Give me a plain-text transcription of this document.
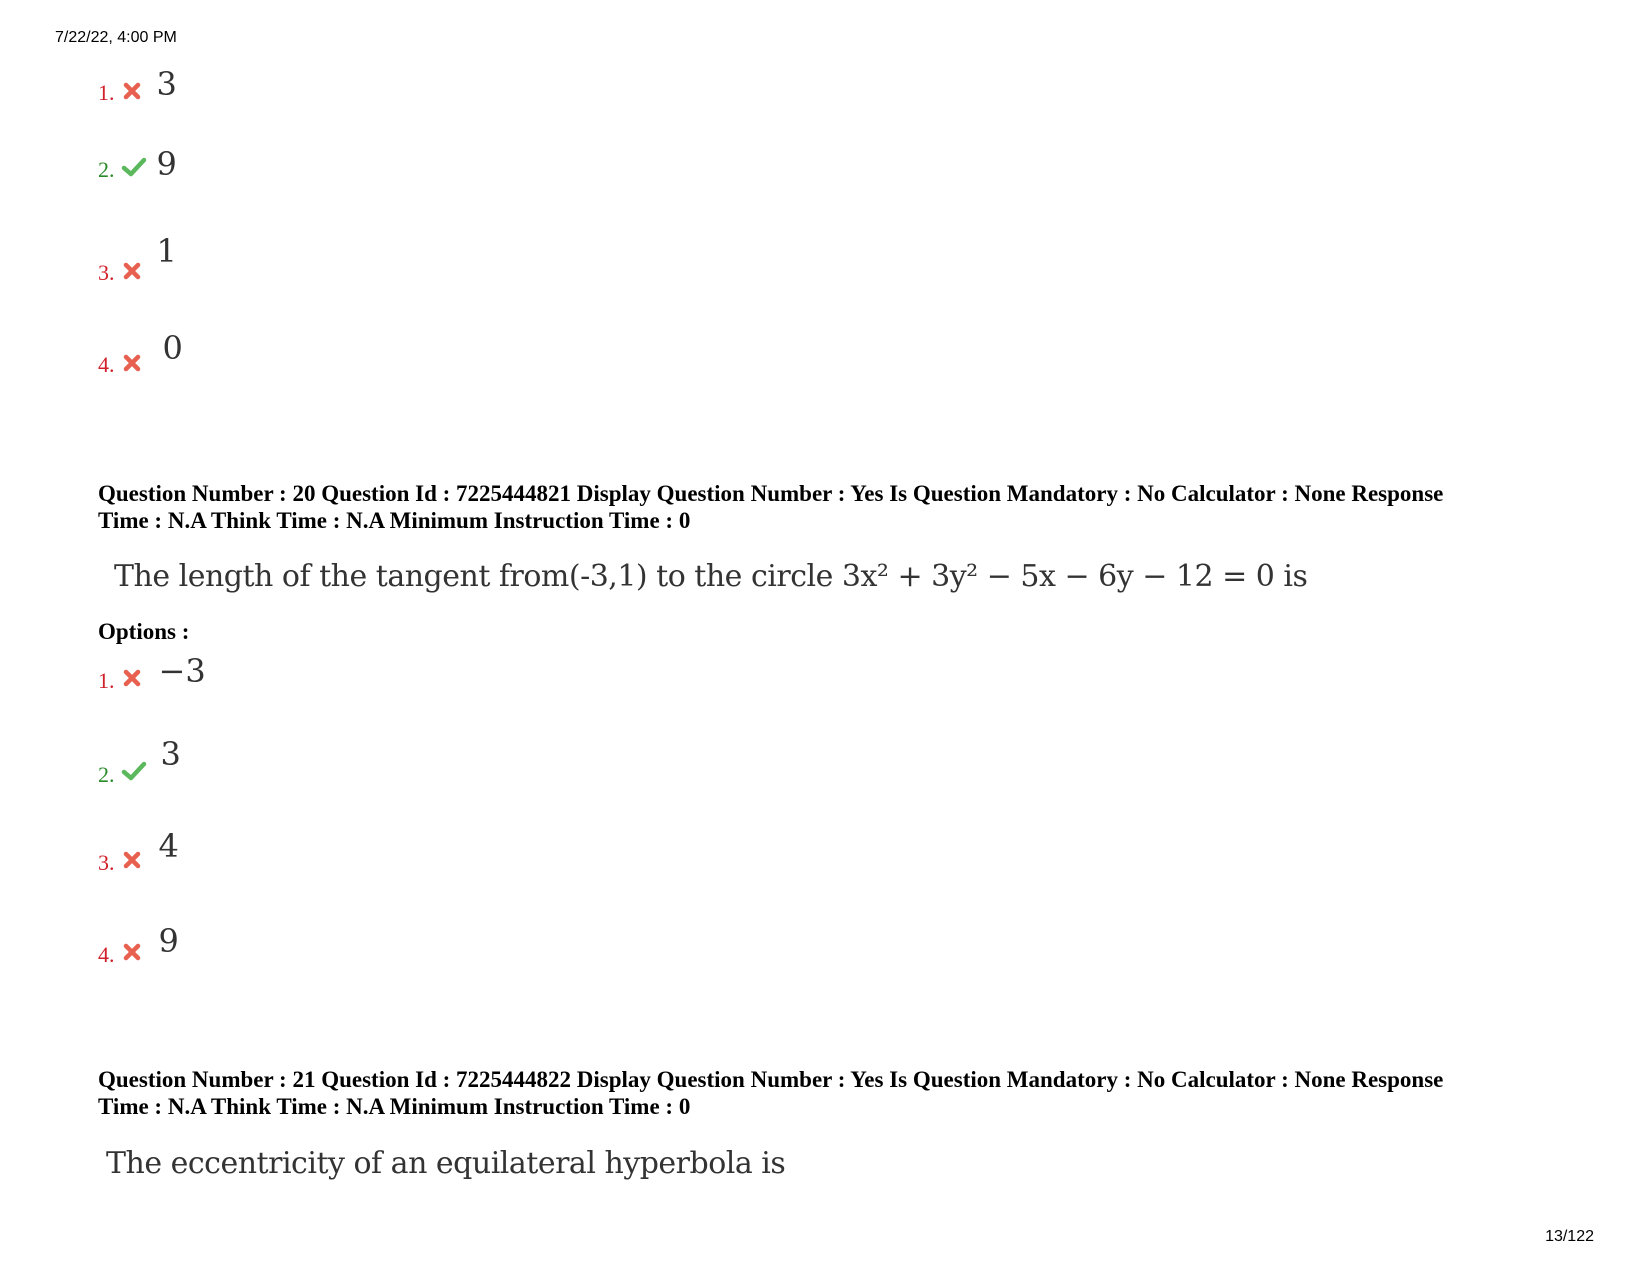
7/22/22, 4:00 PM
1. 3
2. 9
3.
1
4. 0
Question Number : 20 Question Id : 7225444821 Display Question Number : Yes Is Question Mandatory : No Calculator : None Response
Time : N.A Think Time : N.A Minimum Instruction Time : 0
The length of the tangent from(-3,1) to the circle 3x² + 3y² − 5x − 6y − 12 = 0 is
Options :
1. −3
2.
3
3. 4
4. 9
Question Number : 21 Question Id : 7225444822 Display Question Number : Yes Is Question Mandatory : No Calculator : None Response
Time : N.A Think Time : N.A Minimum Instruction Time : 0
The eccentricity of an equilateral hyperbola is
13/122
